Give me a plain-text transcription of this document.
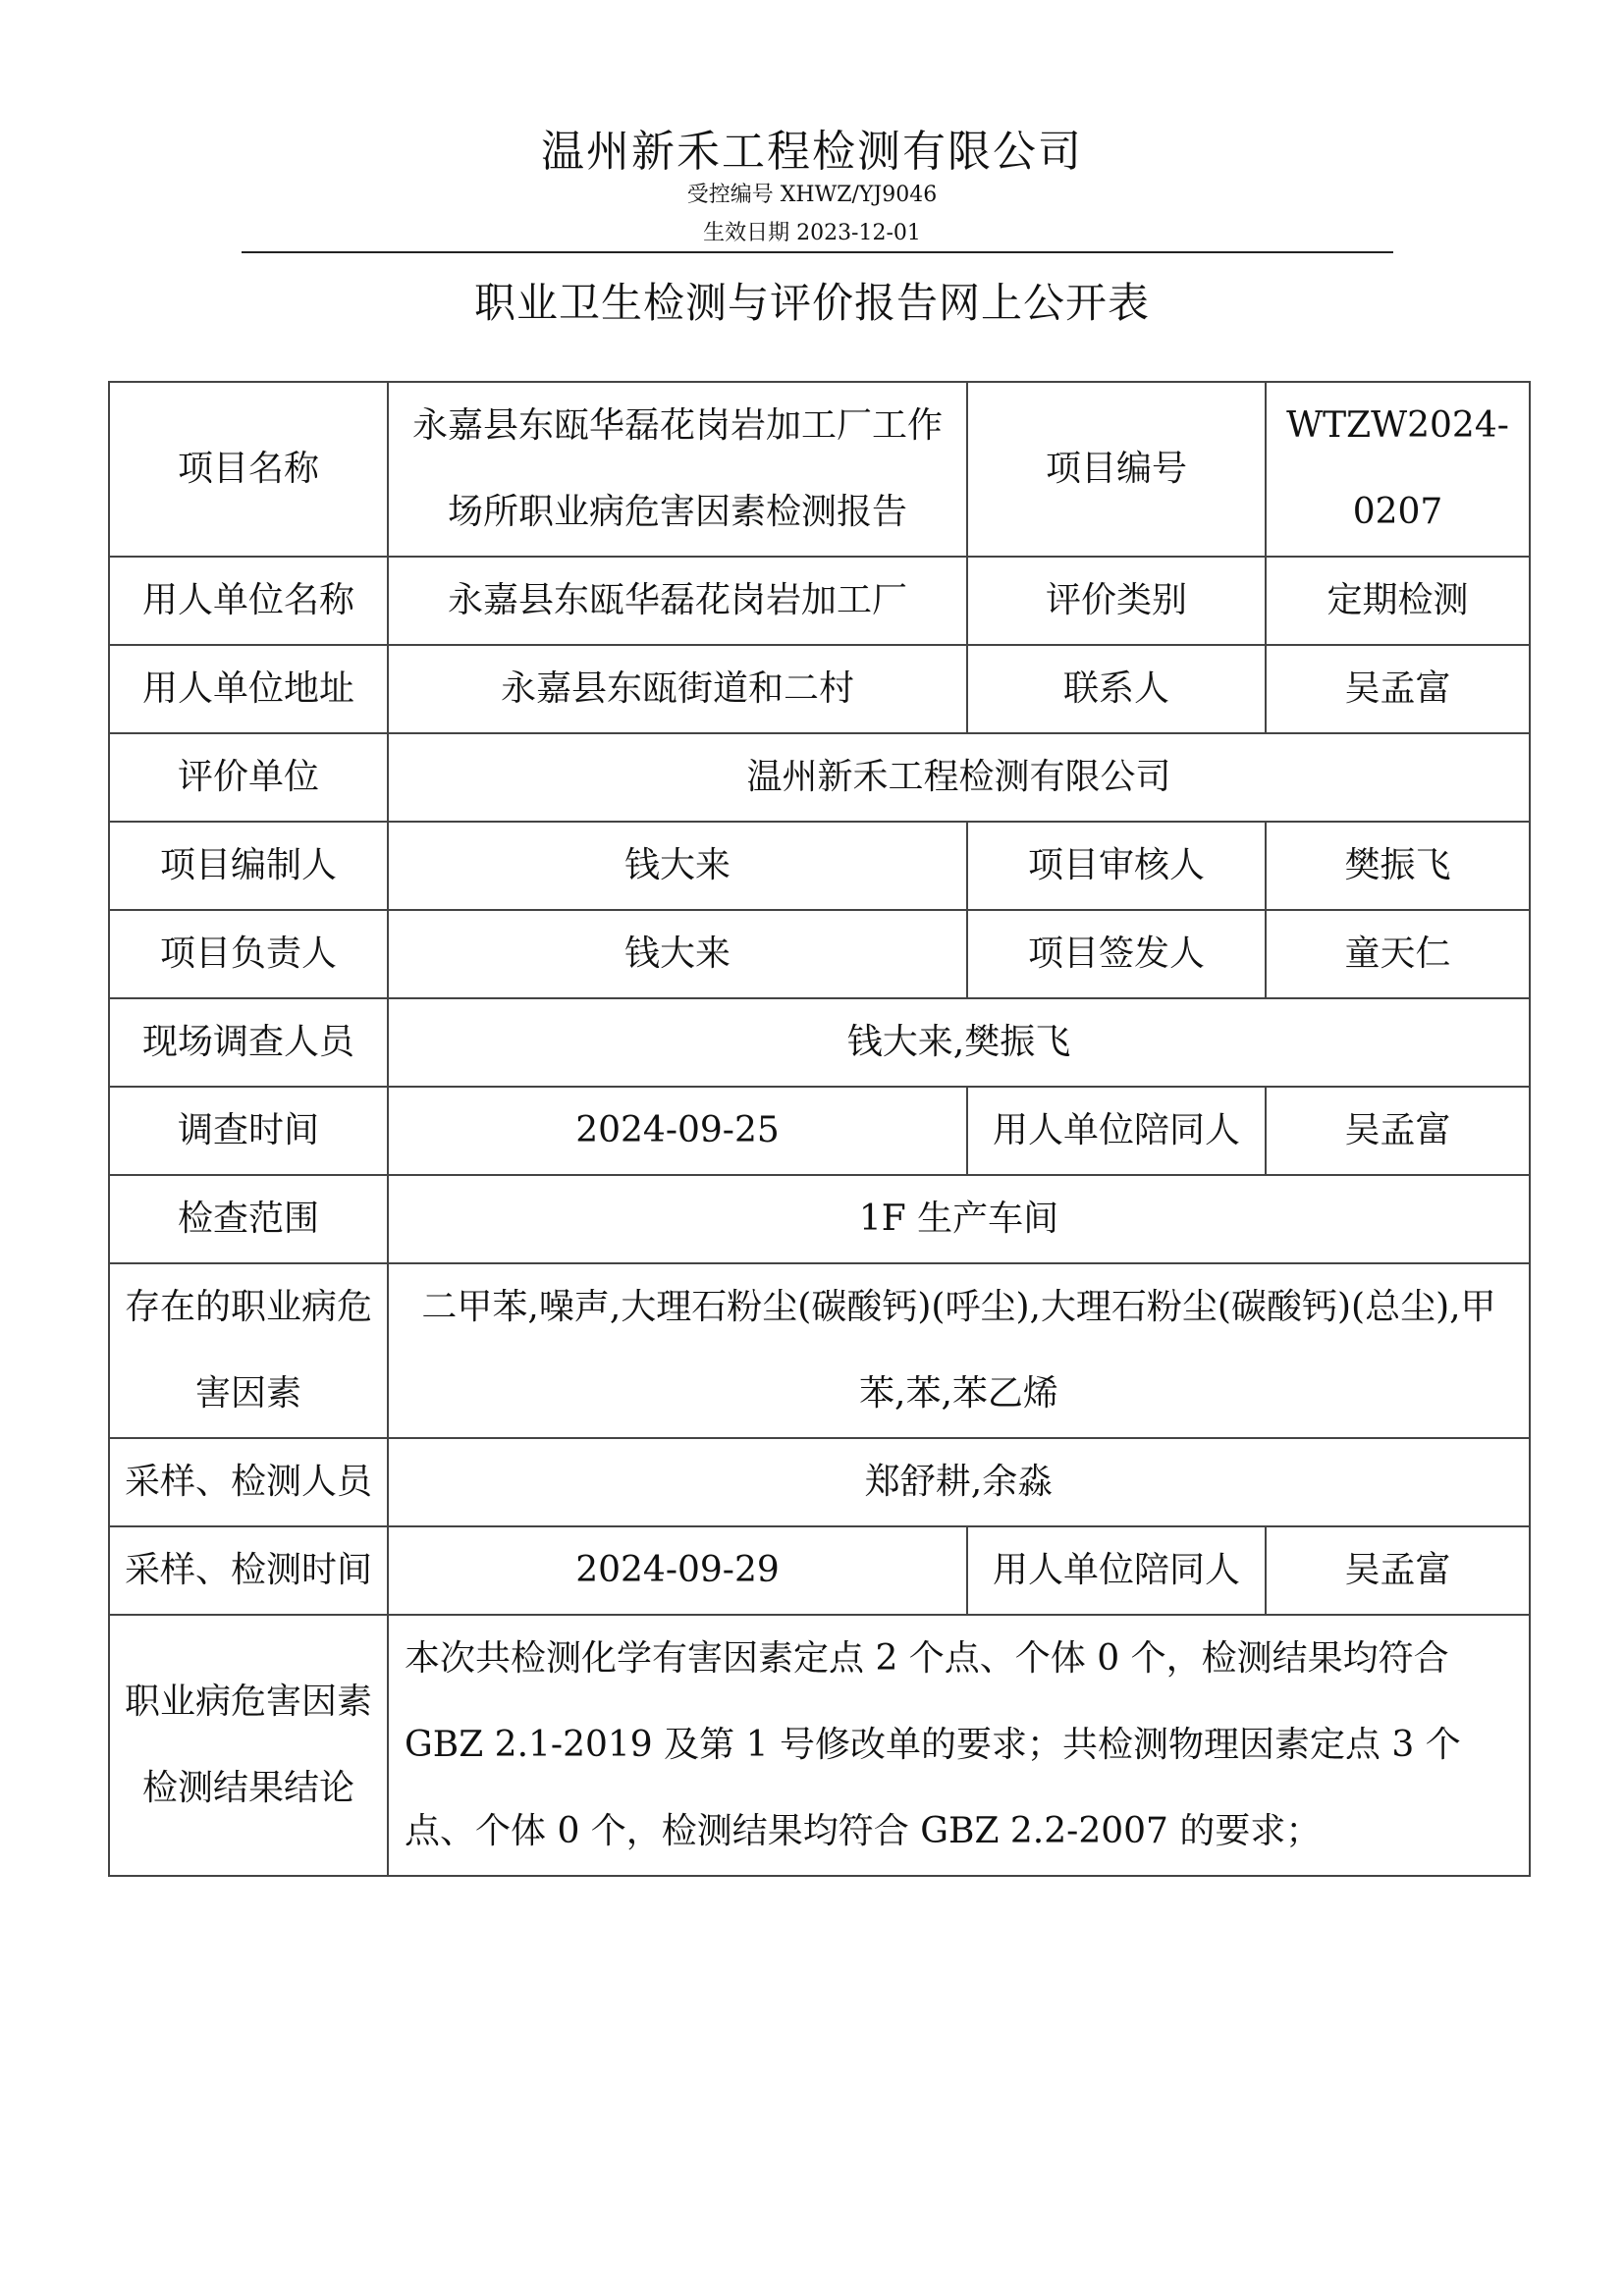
温州新禾工程检测有限公司
受控编号 XHWZ/YJ9046
生效日期 2023-12-01
职业卫生检测与评价报告网上公开表
项目名称	永嘉县东瓯华磊花岗岩加工厂工作场所职业病危害因素检测报告	项目编号	WTZW2024-0207
用人单位名称	永嘉县东瓯华磊花岗岩加工厂	评价类别	定期检测
用人单位地址	永嘉县东瓯街道和二村	联系人	吴孟富
评价单位	温州新禾工程检测有限公司		
项目编制人	钱大来	项目审核人	樊振飞
项目负责人	钱大来	项目签发人	童天仁
现场调查人员	钱大来,樊振飞		
调查时间	2024-09-25	用人单位陪同人	吴孟富
检查范围	1F 生产车间		
存在的职业病危害因素	二甲苯,噪声,大理石粉尘(碳酸钙)(呼尘),大理石粉尘(碳酸钙)(总尘),甲苯,苯,苯乙烯		
采样、检测人员	郑舒耕,余淼		
采样、检测时间	2024-09-29	用人单位陪同人	吴孟富
职业病危害因素检测结果结论	本次共检测化学有害因素定点 2 个点、个体 0 个，检测结果均符合 GBZ 2.1-2019 及第 1 号修改单的要求；共检测物理因素定点 3 个点、个体 0 个，检测结果均符合 GBZ 2.2-2007 的要求；		
